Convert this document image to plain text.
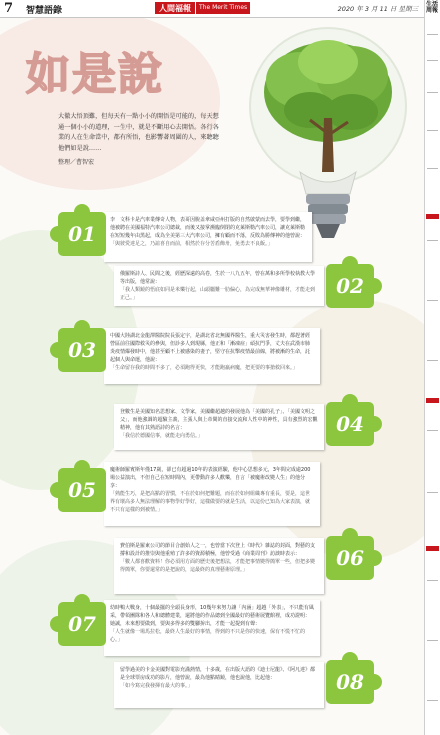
7 智慧語錄	人間福報	The Merit Times	2020 年 3 月 11 日 星期三
如是說
大徹大悟頂難，但每天有一點小小的開悟是可能的，每天想通一個小小的道理，一生中，就是不斷用心去開悟。各行各業的人在生命當中，都有所悟，也影響著周圍的人，來聽聽他們如是說……
整理／曹智宏

李　文科卡是汽車業傳奇人物，表哥因脫盖傘咸亞州打版的自然啟蒙而去學，要學到繼，他被聘在美國福特汽車公司總裁，而後又接掌瀕臨倒閉的克萊斯勒汽車公司，讓克萊斯勒在短短幾年由黑起，成為全美第三大汽車公司，擁有顧而不落，反敗為勝傳神的他曾說：

「與彼愛達足之，乃誼喜自而前，相然於存分苦盾飾卅，免勇去不良飯。」

01

俄羅斯詩人、民間之後，經歷深遠的高卷，生於一八九五年，曾在萬和多所學校執教大學等出版，他常說：

「我人類鏡的悟底如同是米樂行起，山頭屬難一肋偏心，為完成無華神像雕材，才能走到正己。」	02

中國大陸湖北金龍澤醫院院長張定宇，是湖北省北無國界醫生，重大災害發生時，都趕著經營區前往國際救災的參與，但診多人到現縣，他正和「漸凍症」頑抗門爭，丈夫在武漢市肺炎疫情爆發時中，他甚至顧不上被感染的妻子，堅守在抗擊疫情最前線，將被漸的生命，託起個人與命運，他說：

「生命留存我的時間不多了，必須跑得更快，才能跑羸病魔，把更要的事搶救回來。」

03

登數生是美國知名思想家、文學家，美國繼超越的發展他為「美國的孔子」、「美國文明之父」，而他強調的超驗主義，主張人與上帝間的直接交流和人性中的神性，具有強烈的宏觀精神，他有其熟語詩的名言：

「我信於德國信事，就能走向勇信。」	04

魔術師羅賓斯年僅17歲，卻已有超過10年的表演經驗，他中心思想多元，3年間完成逾200場公益演出，不但自己在短時間內，更帶動許多人歡樂，自言「被魔術改變人生」的他分享：

「熟能生巧，是把高點的習慣，不在於如何把難題，而在於如何組織專有重長，要是，這世界有壞高多人無法理解的事物學好學好，這樣做要的就是生活，以這份已知為大家表演，就不只有這樣的到被情。」

05

費伯斯是羅東公司的節目合創始人之一，也曾當下次登上《時代》雜誌的封面，對藝的支撐和設計的推崇與他重殖了許多的資源積極，他曾受過《商業周刊》訪談時表示：

「數人都喜歡資料！你必須用方面的歷史後把想法，才能把事情變得簡單一些，但把多變得簡單，你要還常的是把說的，這最終的真理藝術原理。」	06

幼時鴨大戰身，十個最擺的全頭長身形，10幾年來努力讓「內涵」超越「外表」，不只能有風采，帶領團隊和各人和總體建業，還將他的作品總到全國最好的藝術展覽館裡，成功證明：她誠，未來想要做到，要與多得多的雙腳拚出，才能一起提到有聲：

「人生就像一場馬拉松，最終人生最好的事情，得到的不只是你的快速，保有不慌不忙的心。」

07

留學過美的卡金美國對電影充滿熱情，十多歲，在出版大語的《迪士尼龍》、《阿凡達》都是全球票房成功的影片，他曾說，最為他點睛鏡，他也說他，比起他：

「如今寫完我發揮有最大的事。」	08
生活周報
